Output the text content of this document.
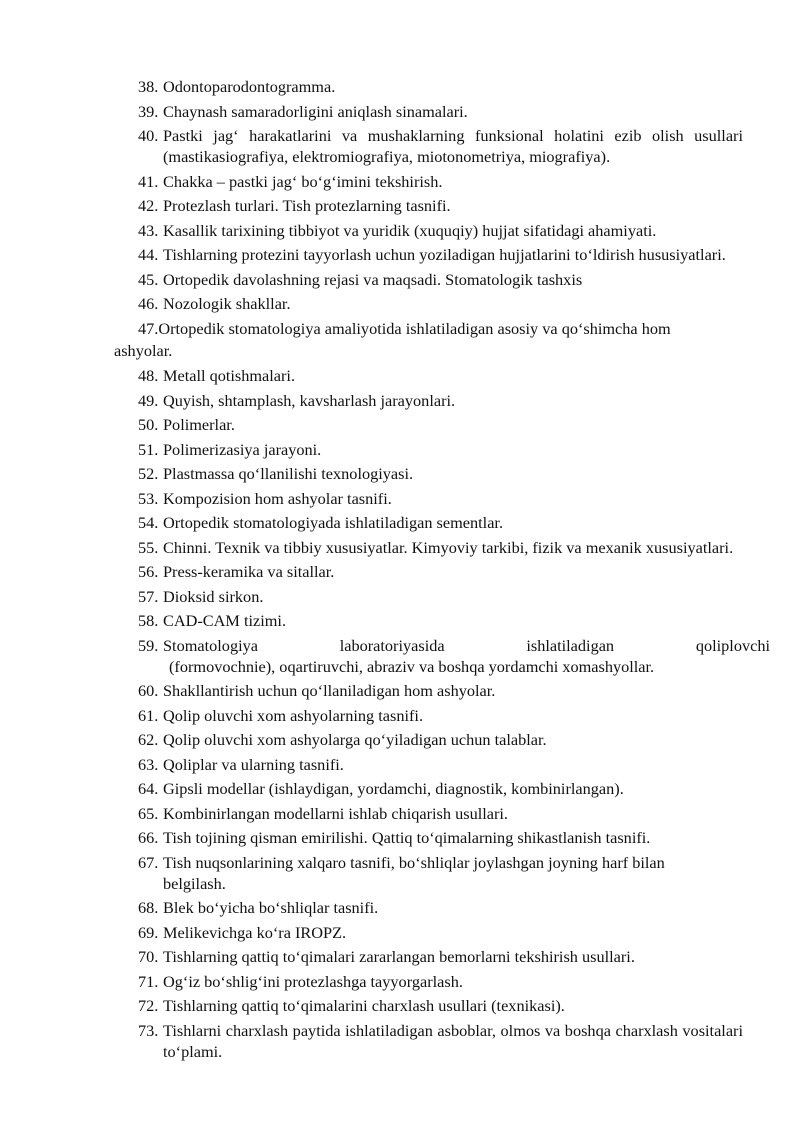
38. Odontoparodontogramma.
39. Chaynash samaradorligini aniqlash sinamalari.
40. Pastki jag‘ harakatlarini va mushaklarning funksional holatini ezib olish usullari (mastikasiografiya, elektromiografiya, miotonometriya, miografiya).
41. Chakka – pastki jag‘ bo‘g‘imini tekshirish.
42. Protezlash turlari. Tish protezlarning tasnifi.
43. Kasallik tarixining tibbiyot va yuridik (xuquqiy) hujjat sifatidagi ahamiyati.
44. Tishlarning protezini tayyorlash uchun yoziladigan hujjatlarini to‘ldirish hususiyatlari.
45. Ortopedik davolashning rejasi va maqsadi. Stomatologik tashxis
46. Nozologik shakllar.
47.Ortopedik stomatologiya amaliyotida ishlatiladigan asosiy va qo‘shimcha hom
ashyolar.
48. Metall qotishmalari.
49. Quyish, shtamplash, kavsharlash jarayonlari.
50. Polimerlar.
51. Polimerizasiya jarayoni.
52. Plastmassa qo‘llanilishi texnologiyasi.
53. Kompozision hom ashyolar tasnifi.
54. Ortopedik stomatologiyada ishlatiladigan sementlar.
55. Chinni. Texnik va tibbiy xususiyatlar. Kimyoviy tarkibi, fizik va mexanik xususiyatlari.
56. Press-keramika va sitallar.
57. Dioksid sirkon.
58. CAD-CAM tizimi.
59. Stomatologiya	laboratoriyasida	ishlatiladigan	qoliplovchi
(formovochnie), oqartiruvchi, abraziv va boshqa yordamchi xomashyollar.
60. Shakllantirish uchun qo‘llaniladigan hom ashyolar.
61. Qolip oluvchi xom ashyolarning tasnifi.
62. Qolip oluvchi xom ashyolarga qo‘yiladigan uchun talablar.
63. Qoliplar va ularning tasnifi.
64. Gipsli modellar (ishlaydigan, yordamchi, diagnostik, kombinirlangan).
65. Kombinirlangan modellarni ishlab chiqarish usullari.
66. Tish tojining qisman emirilishi. Qattiq to‘qimalarning shikastlanish tasnifi.
67. Tish nuqsonlarining xalqaro tasnifi, bo‘shliqlar joylashgan joyning harf bilan
belgilash.
68. Blek bo‘yicha bo‘shliqlar tasnifi.
69. Melikevichga ko‘ra IROPZ.
70. Tishlarning qattiq to‘qimalari zararlangan bemorlarni tekshirish usullari.
71. Og‘iz bo‘shlig‘ini protezlashga tayyorgarlash.
72. Tishlarning qattiq to‘qimalarini charxlash usullari (texnikasi).
73. Tishlarni charxlash paytida ishlatiladigan asboblar, olmos va boshqa charxlash vositalari to‘plami.
